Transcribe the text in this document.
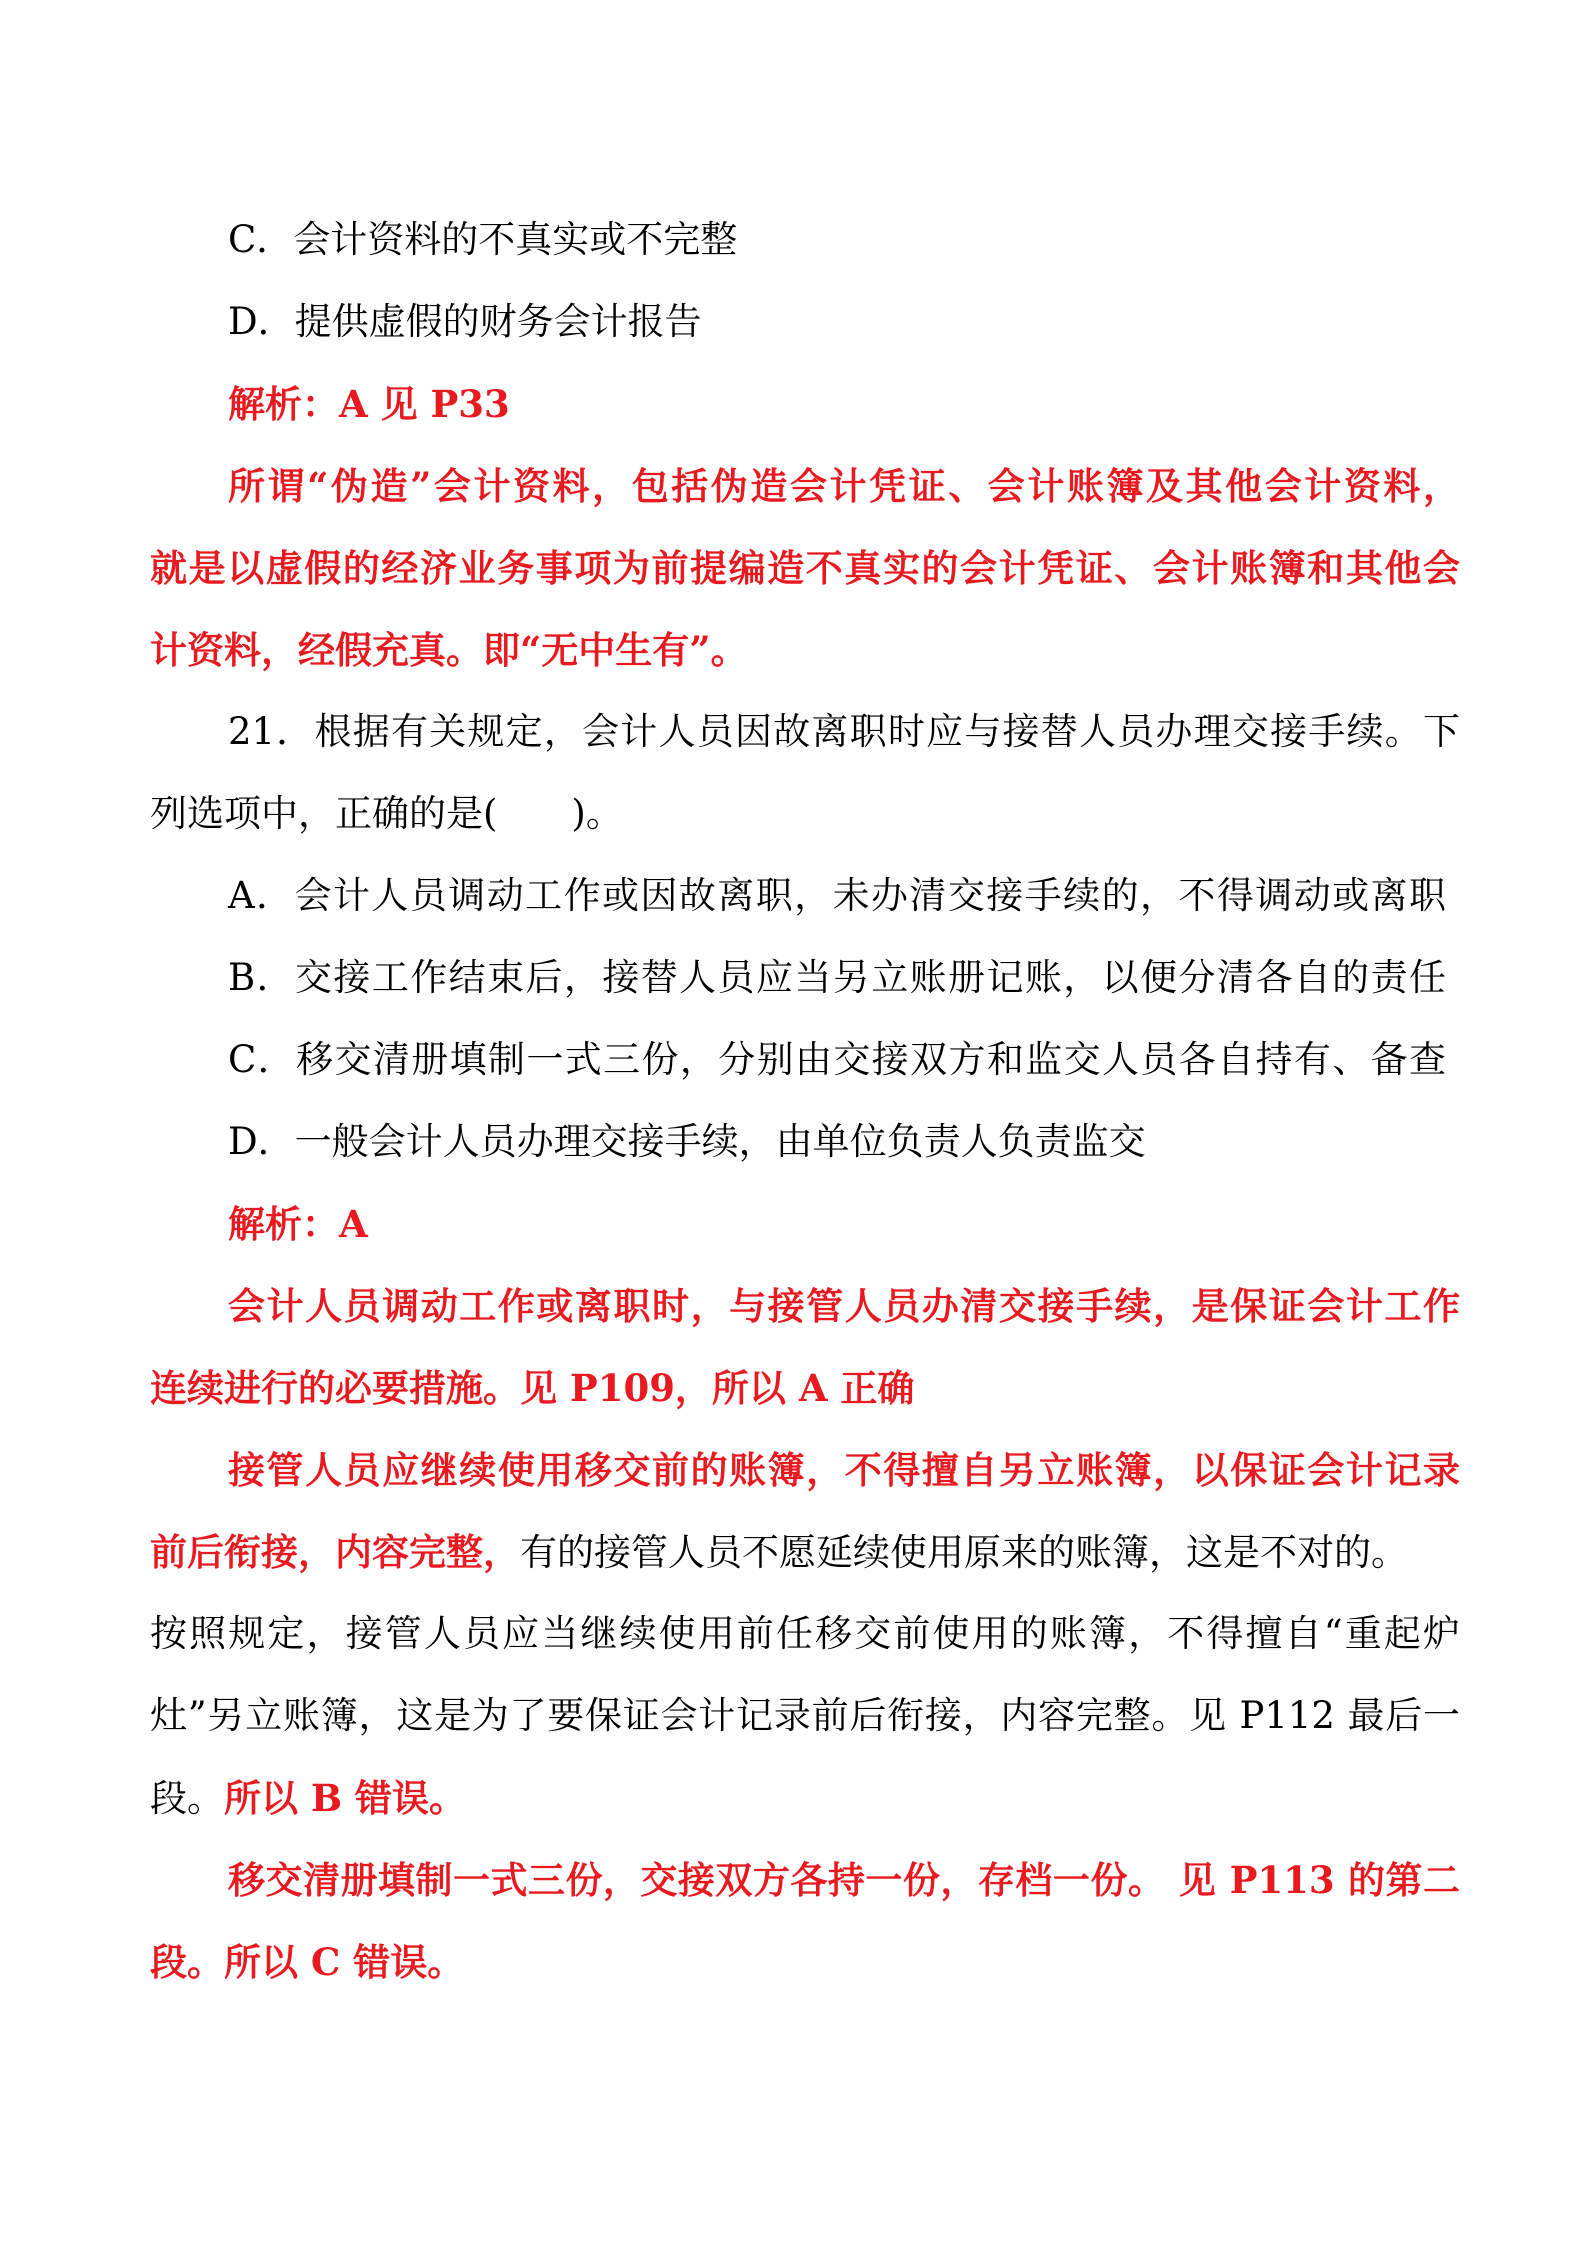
C．会计资料的不真实或不完整
D．提供虚假的财务会计报告
解析：A 见 P33
所谓“伪造”会计资料，包括伪造会计凭证、会计账簿及其他会计资料，
就是以虚假的经济业务事项为前提编造不真实的会计凭证、会计账簿和其他会
计资料，经假充真。即“无中生有”。
21．根据有关规定，会计人员因故离职时应与接替人员办理交接手续。下
列选项中，正确的是(　　)。
A．会计人员调动工作或因故离职，未办清交接手续的，不得调动或离职
B．交接工作结束后，接替人员应当另立账册记账，以便分清各自的责任
C．移交清册填制一式三份，分别由交接双方和监交人员各自持有、备查
D．一般会计人员办理交接手续，由单位负责人负责监交
解析：A
会计人员调动工作或离职时，与接管人员办清交接手续，是保证会计工作
连续进行的必要措施。见 P109，所以 A 正确
接管人员应继续使用移交前的账簿，不得擅自另立账簿，以保证会计记录
前后衔接，内容完整，有的接管人员不愿延续使用原来的账簿，这是不对的。
按照规定，接管人员应当继续使用前任移交前使用的账簿，不得擅自“重起炉
灶”另立账簿，这是为了要保证会计记录前后衔接，内容完整。见 P112 最后一
段。所以 B 错误。
移交清册填制一式三份，交接双方各持一份，存档一份。 见 P113 的第二
段。所以 C 错误。
